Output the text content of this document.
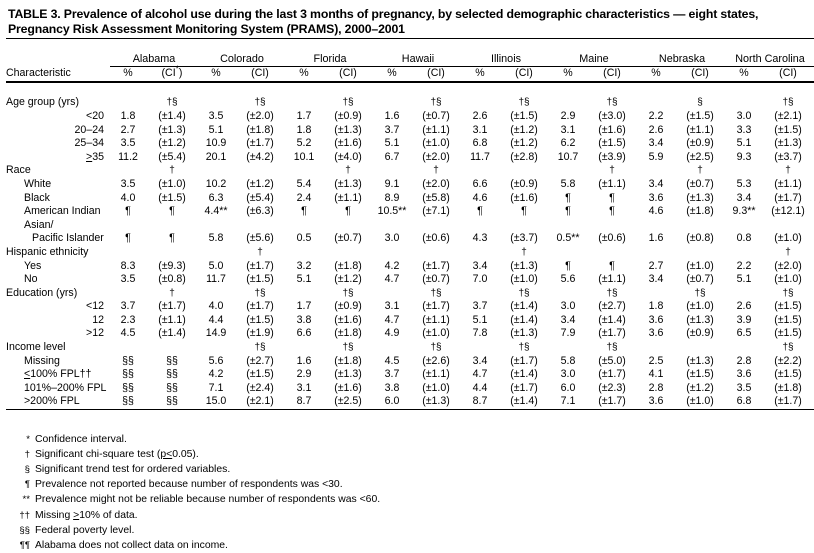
TABLE 3. Prevalence of alcohol use during the last 3 months of pregnancy, by selected demographic characteristics — eight states, Pregnancy Risk Assessment Monitoring System (PRAMS), 2000–2001

	Alabama		Colorado		Florida		Hawaii		Illinois		Maine		Nebraska		North Carolina	
Characteristic	%	(CI*)	%	(CI)	%	(CI)	%	(CI)	%	(CI)	%	(CI)	%	(CI)	%	(CI)

Age group (yrs)		†§		†§		†§		†§		†§		†§		§		†§
<20	1.8	(±1.4)	3.5	(±2.0)	1.7	(±0.9)	1.6	(±0.7)	2.6	(±1.5)	2.9	(±3.0)	2.2	(±1.5)	3.0	(±2.1)
20–24	2.7	(±1.3)	5.1	(±1.8)	1.8	(±1.3)	3.7	(±1.1)	3.1	(±1.2)	3.1	(±1.6)	2.6	(±1.1)	3.3	(±1.5)
25–34	3.5	(±1.2)	10.9	(±1.7)	5.2	(±1.6)	5.1	(±1.0)	6.8	(±1.2)	6.2	(±1.5)	3.4	(±0.9)	5.1	(±1.3)
>35	11.2	(±5.4)	20.1	(±4.2)	10.1	(±4.0)	6.7	(±2.0)	11.7	(±2.8)	10.7	(±3.9)	5.9	(±2.5)	9.3	(±3.7)
Race		†				†		†				†		†		†
White	3.5	(±1.0)	10.2	(±1.2)	5.4	(±1.3)	9.1	(±2.0)	6.6	(±0.9)	5.8	(±1.1)	3.4	(±0.7)	5.3	(±1.1)
Black	4.0	(±1.5)	6.3	(±5.4)	2.4	(±1.1)	8.9	(±5.8)	4.6	(±1.6)	¶	¶	3.6	(±1.3)	3.4	(±1.7)
American Indian	¶	¶	4.4**	(±6.3)	¶	¶	10.5**	(±7.1)	¶	¶	¶	¶	4.6	(±1.8)	9.3**	(±12.1)
Asian/																
Pacific Islander	¶	¶	5.8	(±5.6)	0.5	(±0.7)	3.0	(±0.6)	4.3	(±3.7)	0.5**	(±0.6)	1.6	(±0.8)	0.8	(±1.0)
Hispanic ethnicity				†						†						†
Yes	8.3	(±9.3)	5.0	(±1.7)	3.2	(±1.8)	4.2	(±1.7)	3.4	(±1.3)	¶	¶	2.7	(±1.0)	2.2	(±2.0)
No	3.5	(±0.8)	11.7	(±1.5)	5.1	(±1.2)	4.7	(±0.7)	7.0	(±1.0)	5.6	(±1.1)	3.4	(±0.7)	5.1	(±1.0)
Education (yrs)		†		†§		†§		†§		†§		†§		†§		†§
<12	3.7	(±1.7)	4.0	(±1.7)	1.7	(±0.9)	3.1	(±1.7)	3.7	(±1.4)	3.0	(±2.7)	1.8	(±1.0)	2.6	(±1.5)
12	2.3	(±1.1)	4.4	(±1.5)	3.8	(±1.6)	4.7	(±1.1)	5.1	(±1.4)	3.4	(±1.4)	3.6	(±1.3)	3.9	(±1.5)
>12	4.5	(±1.4)	14.9	(±1.9)	6.6	(±1.8)	4.9	(±1.0)	7.8	(±1.3)	7.9	(±1.7)	3.6	(±0.9)	6.5	(±1.5)
Income level				†§		†§		†§		†§		†§				†§
Missing	§§	§§	5.6	(±2.7)	1.6	(±1.8)	4.5	(±2.6)	3.4	(±1.7)	5.8	(±5.0)	2.5	(±1.3)	2.8	(±2.2)
<100% FPL††	§§	§§	4.2	(±1.5)	2.9	(±1.3)	3.7	(±1.1)	4.7	(±1.4)	3.0	(±1.7)	4.1	(±1.5)	3.6	(±1.5)
101%–200% FPL	§§	§§	7.1	(±2.4)	3.1	(±1.6)	3.8	(±1.0)	4.4	(±1.7)	6.0	(±2.3)	2.8	(±1.2)	3.5	(±1.8)
>200% FPL	§§	§§	15.0	(±2.1)	8.7	(±2.5)	6.0	(±1.3)	8.7	(±1.4)	7.1	(±1.7)	3.6	(±1.0)	6.8	(±1.7)

* Confidence interval.
† Significant chi-square test (p<0.05).
§ Significant trend test for ordered variables.
¶ Prevalence not reported because number of respondents was <30.
** Prevalence might not be reliable because number of respondents was <60.
†† Missing >10% of data.
§§ Federal poverty level.
¶¶ Alabama does not collect data on income.
